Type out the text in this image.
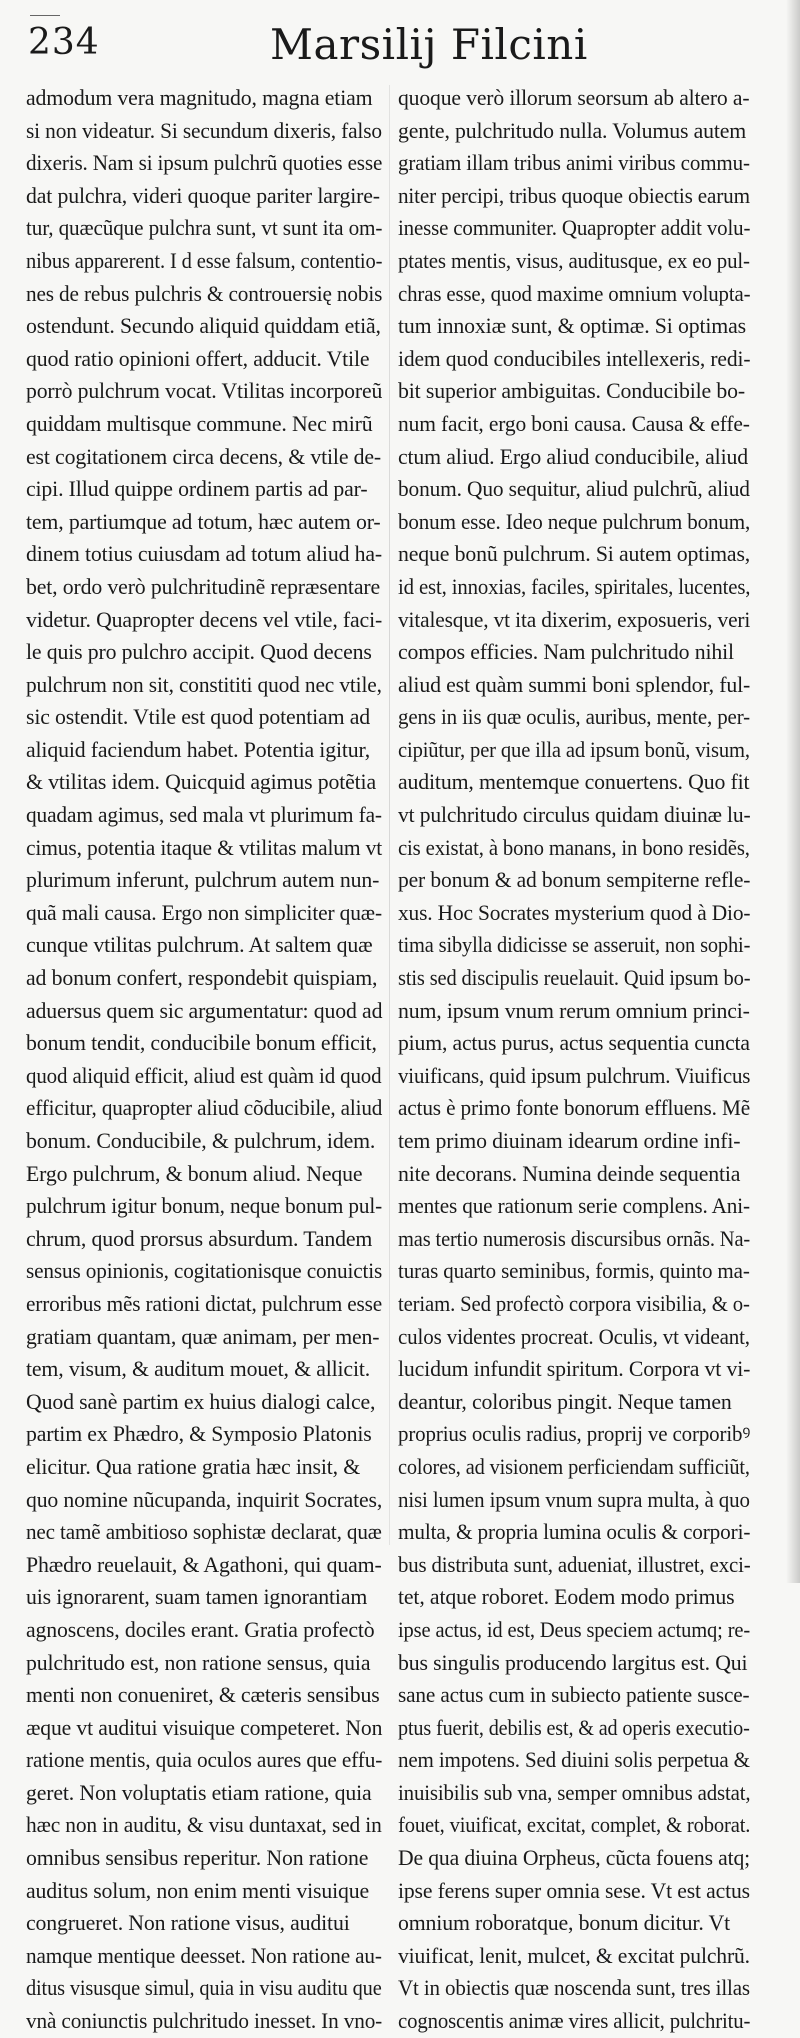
234	Marsilij Filcini
admodum vera magnitudo, magna etiam
si non videatur. Si secundum dixeris, falso
dixeris. Nam si ipsum pulchrũ quoties esse
dat pulchra, videri quoque pariter largire-
tur, quæcũque pulchra sunt, vt sunt ita om-
nibus apparerent. I d esse falsum, contentio-
nes de rebus pulchris & controuersię nobis
ostendunt. Secundo aliquid quiddam etiã,
quod ratio opinioni offert, adducit. Vtile
porrò pulchrum vocat. Vtilitas incorporeũ
quiddam multisque commune. Nec mirũ
est cogitationem circa decens, & vtile de-
cipi. Illud quippe ordinem partis ad par-
tem, partiumque ad totum, hæc autem or-
dinem totius cuiusdam ad totum aliud ha-
bet, ordo verò pulchritudinẽ repræsentare
videtur. Quapropter decens vel vtile, faci-
le quis pro pulchro accipit. Quod decens
pulchrum non sit, constititi quod nec vtile,
sic ostendit. Vtile est quod potentiam ad
aliquid faciendum habet. Potentia igitur,
& vtilitas idem. Quicquid agimus potẽtia
quadam agimus, sed mala vt plurimum fa-
cimus, potentia itaque & vtilitas malum vt
plurimum inferunt, pulchrum autem nun-
quã mali causa. Ergo non simpliciter quæ-
cunque vtilitas pulchrum. At saltem quæ
ad bonum confert, respondebit quispiam,
aduersus quem sic argumentatur: quod ad
bonum tendit, conducibile bonum efficit,
quod aliquid efficit, aliud est quàm id quod
efficitur, quapropter aliud cõducibile, aliud
bonum. Conducibile, & pulchrum, idem.
Ergo pulchrum, & bonum aliud. Neque
pulchrum igitur bonum, neque bonum pul-
chrum, quod prorsus absurdum. Tandem
sensus opinionis, cogitationisque conuictis
erroribus mẽs rationi dictat, pulchrum esse
gratiam quantam, quæ animam, per men-
tem, visum, & auditum mouet, & allicit.
Quod sanè partim ex huius dialogi calce,
partim ex Phædro, & Symposio Platonis
elicitur. Qua ratione gratia hæc insit, &
quo nomine nũcupanda, inquirit Socrates,
nec tamẽ ambitioso sophistæ declarat, quæ
Phædro reuelauit, & Agathoni, qui quam-
uis ignorarent, suam tamen ignorantiam
agnoscens, dociles erant. Gratia profectò
pulchritudo est, non ratione sensus, quia
menti non conueniret, & cæteris sensibus
æque vt auditui visuique competeret. Non
ratione mentis, quia oculos aures que effu-
geret. Non voluptatis etiam ratione, quia
hæc non in auditu, & visu duntaxat, sed in
omnibus sensibus reperitur. Non ratione
auditus solum, non enim menti visuique
congrueret. Non ratione visus, auditui
namque mentique deesset. Non ratione au-
ditus visusque simul, quia in visu auditu que
vnà coniunctis pulchritudo inesset. In vno-
quoque verò illorum seorsum ab altero a-
gente, pulchritudo nulla. Volumus autem
gratiam illam tribus animi viribus commu-
niter percipi, tribus quoque obiectis earum
inesse communiter. Quapropter addit volu-
ptates mentis, visus, auditusque, ex eo pul-
chras esse, quod maxime omnium volupta-
tum innoxiæ sunt, & optimæ. Si optimas
idem quod conducibiles intellexeris, redi-
bit superior ambiguitas. Conducibile bo-
num facit, ergo boni causa. Causa & effe-
ctum aliud. Ergo aliud conducibile, aliud
bonum. Quo sequitur, aliud pulchrũ, aliud
bonum esse. Ideo neque pulchrum bonum,
neque bonũ pulchrum. Si autem optimas,
id est, innoxias, faciles, spiritales, lucentes,
vitalesque, vt ita dixerim, exposueris, veri
compos efficies. Nam pulchritudo nihil
aliud est quàm summi boni splendor, ful-
gens in iis quæ oculis, auribus, mente, per-
cipiũtur, per que illa ad ipsum bonũ, visum,
auditum, mentemque conuertens. Quo fit
vt pulchritudo circulus quidam diuinæ lu-
cis existat, à bono manans, in bono residẽs,
per bonum & ad bonum sempiterne refle-
xus. Hoc Socrates mysterium quod à Dio-
tima sibylla didicisse se asseruit, non sophi-
stis sed discipulis reuelauit. Quid ipsum bo-
num, ipsum vnum rerum omnium princi-
pium, actus purus, actus sequentia cuncta
viuificans, quid ipsum pulchrum. Viuificus
actus è primo fonte bonorum effluens. Mẽ
tem primo diuinam idearum ordine infi-
nite decorans. Numina deinde sequentia
mentes que rationum serie complens. Ani-
mas tertio numerosis discursibus ornãs. Na-
turas quarto seminibus, formis, quinto ma-
teriam. Sed profectò corpora visibilia, & o-
culos videntes procreat. Oculis, vt videant,
lucidum infundit spiritum. Corpora vt vi-
deantur, coloribus pingit. Neque tamen
proprius oculis radius, proprij ve corporibꝰ
colores, ad visionem perficiendam sufficiũt,
nisi lumen ipsum vnum supra multa, à quo
multa, & propria lumina oculis & corpori-
bus distributa sunt, adueniat, illustret, exci-
tet, atque roboret. Eodem modo primus
ipse actus, id est, Deus speciem actumq; re-
bus singulis producendo largitus est. Qui
sane actus cum in subiecto patiente susce-
ptus fuerit, debilis est, & ad operis executio-
nem impotens. Sed diuini solis perpetua &
inuisibilis sub vna, semper omnibus adstat,
fouet, viuificat, excitat, complet, & roborat.
De qua diuina Orpheus, cũcta fouens atq;
ipse ferens super omnia sese. Vt est actus
omnium roboratque, bonum dicitur. Vt
viuificat, lenit, mulcet, & excitat pulchrũ.
Vt in obiectis quæ noscenda sunt, tres illas
cognoscentis animæ vires allicit, pulchritu-
